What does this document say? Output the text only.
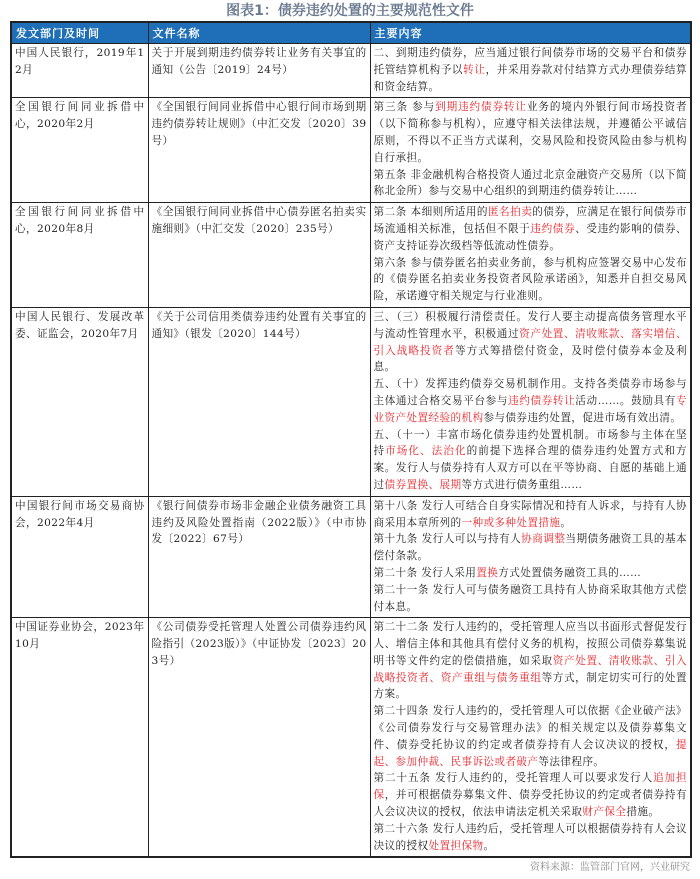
图表1：债券违约处置的主要规范性文件
发文部门及时间	文件名称	主要内容
中国人民银行，2019年12月	关于开展到期违约债券转让业务有关事宜的通知（公告〔2019〕24号）	二、到期违约债券，应当通过银行间债券市场的交易平台和债券托管结算机构予以转让，并采用券款对付结算方式办理债券结算和资金结算。

全国银行间同业拆借中心，2020年2月	《全国银行间同业拆借中心银行间市场到期违约债券转让规则》（中汇交发〔2020〕39号）	第三条 参与到期违约债券转让业务的境内外银行间市场投资者（以下简称参与机构），应遵守相关法律法规，并遵循公平诚信原则，不得以不正当方式谋利，交易风险和投资风险由参与机构自行承担。

第五条 非金融机构合格投资人通过北京金融资产交易所（以下简称北金所）参与交易中心组织的到期违约债券转让……

全国银行间同业拆借中心，2020年8月	《全国银行间同业拆借中心债券匿名拍卖实施细则》（中汇交发〔2020〕235号）	第二条 本细则所适用的匿名拍卖的债券，应满足在银行间债券市场流通相关标准，包括但不限于违约债券、受违约影响的债券、资产支持证券次级档等低流动性债券。

第六条 参与债券匿名拍卖业务前，参与机构应签署交易中心发布的《债券匿名拍卖业务投资者风险承诺函》，知悉并自担交易风险，承诺遵守相关规定与行业准则。

中国人民银行、发展改革委、证监会，2020年7月	《关于公司信用类债券违约处置有关事宜的通知》（银发〔2020〕144号）	三、（三）积极履行清偿责任。发行人要主动提高债务管理水平与流动性管理水平，积极通过资产处置、清收账款、落实增信、引入战略投资者等方式筹措偿付资金，及时偿付债券本金及利息。

五、（十）发挥违约债券交易机制作用。支持各类债券市场参与主体通过合格交易平台参与违约债券转让活动……。鼓励具有专业资产处置经验的机构参与债券违约处置，促进市场有效出清。

五、（十一）丰富市场化债券违约处置机制。市场参与主体在坚持市场化、法治化的前提下选择合理的债券违约处置方式和方案。发行人与债券持有人双方可以在平等协商、自愿的基础上通过债券置换、展期等方式进行债务重组……

中国银行间市场交易商协会，2022年4月	《银行间债券市场非金融企业债务融资工具违约及风险处置指南（2022版）》（中市协发〔2022〕67号）	第十八条 发行人可结合自身实际情况和持有人诉求，与持有人协商采用本章所列的一种或多种处置措施。

第十九条 发行人可以与持有人协商调整当期债务融资工具的基本偿付条款。

第二十条 发行人采用置换方式处置债务融资工具的……

第二十一条 发行人可与债务融资工具持有人协商采取其他方式偿付本息。

中国证券业协会，2023年10月	《公司债券受托管理人处置公司债券违约风险指引（2023版）》（中证协发〔2023〕203号）	第二十二条 发行人违约的，受托管理人应当以书面形式督促发行人、增信主体和其他具有偿付义务的机构，按照公司债券募集说明书等文件约定的偿债措施，如采取资产处置、清收账款、引入战略投资者、资产重组与债务重组等方式，制定切实可行的处置方案。

第二十四条 发行人违约的，受托管理人可以依据《企业破产法》《公司债券发行与交易管理办法》的相关规定以及债券募集文件、债券受托协议的约定或者债券持有人会议决议的授权，提起、参加仲裁、民事诉讼或者破产等法律程序。

第二十五条 发行人违约的，受托管理人可以要求发行人追加担保，并可根据债券募集文件、债券受托协议的约定或者债券持有人会议决议的授权，依法申请法定机关采取财产保全措施。

第二十六条 发行人违约后，受托管理人可以根据债券持有人会议决议的授权处置担保物。

资料来源：监管部门官网，兴业研究
